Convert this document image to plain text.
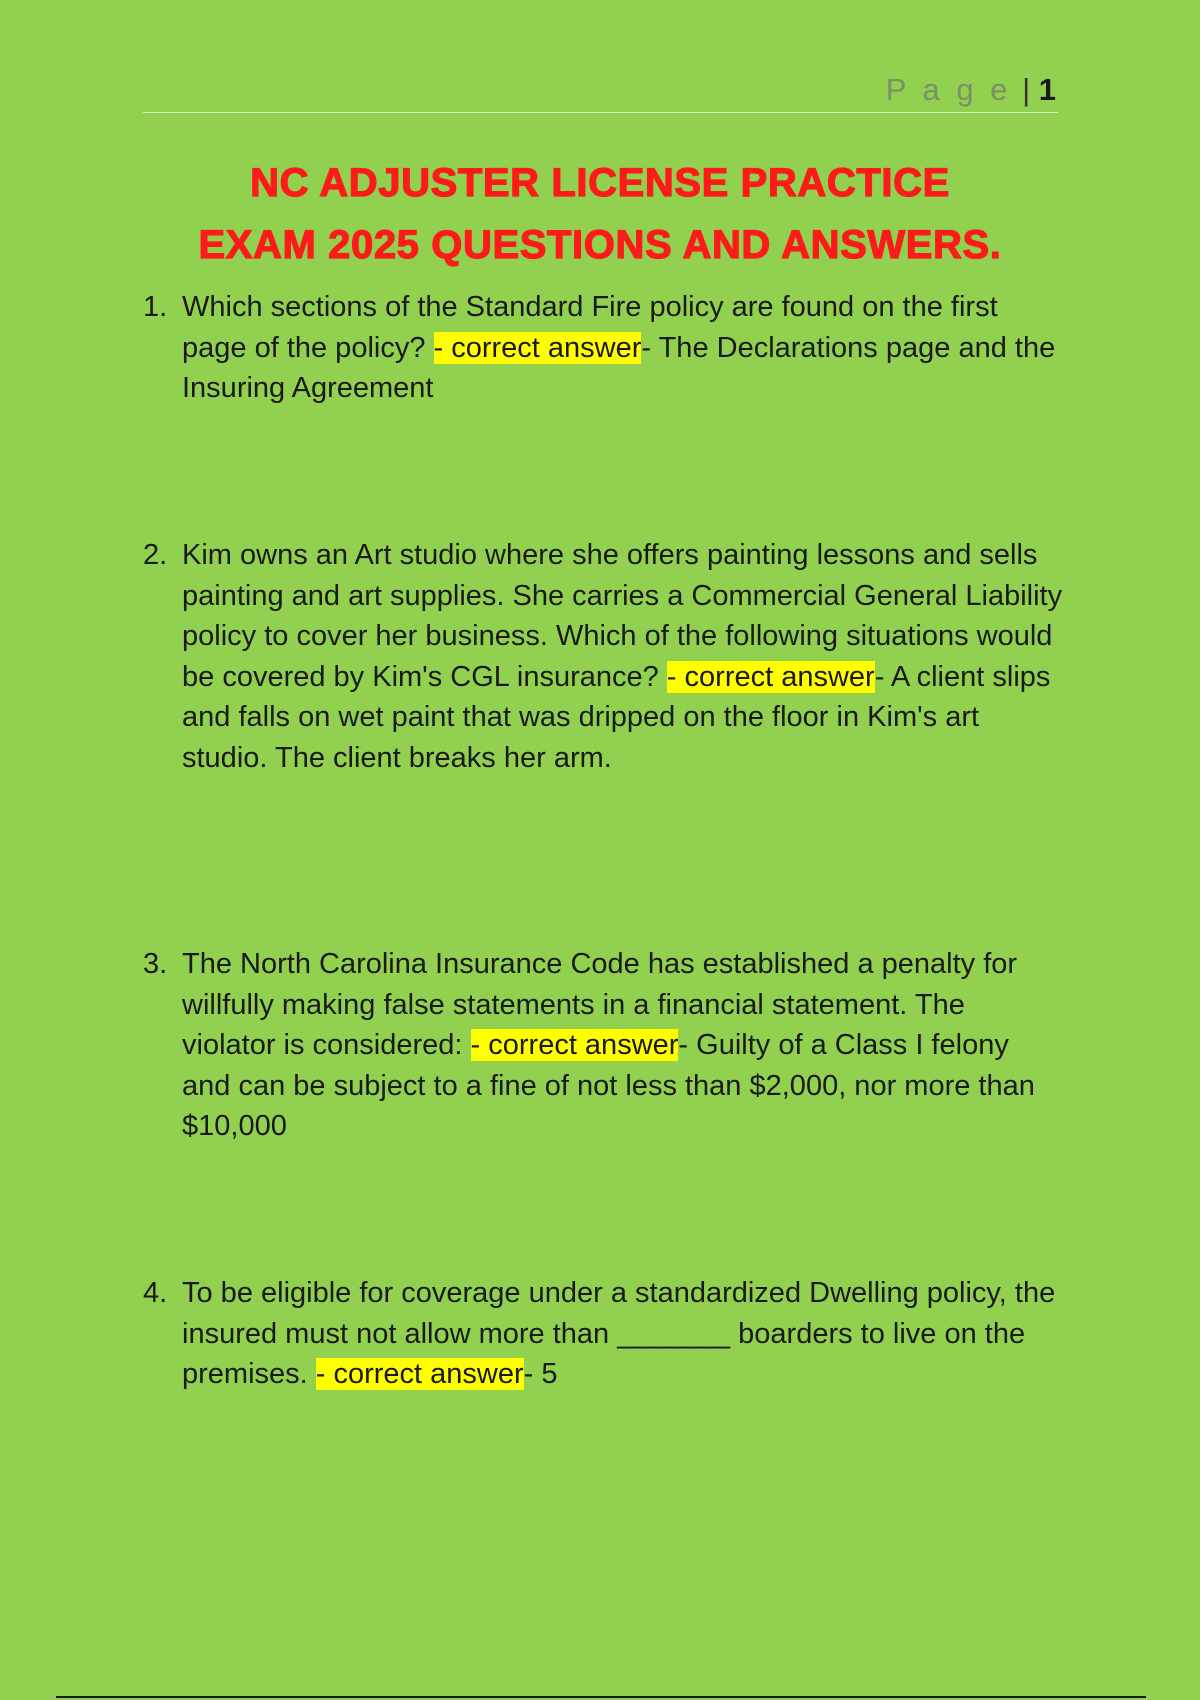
P a g e | 1
NC ADJUSTER LICENSE PRACTICE
EXAM 2025 QUESTIONS AND ANSWERS.
1. Which sections of the Standard Fire policy are found on the first page of the policy? - correct answer- The Declarations page and the Insuring Agreement
2. Kim owns an Art studio where she offers painting lessons and sells painting and art supplies. She carries a Commercial General Liability policy to cover her business. Which of the following situations would be covered by Kim's CGL insurance? - correct answer- A client slips and falls on wet paint that was dripped on the floor in Kim's art studio. The client breaks her arm.
3. The North Carolina Insurance Code has established a penalty for willfully making false statements in a financial statement. The violator is considered: - correct answer- Guilty of a Class I felony and can be subject to a fine of not less than $2,000, nor more than $10,000
4. To be eligible for coverage under a standardized Dwelling policy, the insured must not allow more than _______ boarders to live on the premises. - correct answer- 5
